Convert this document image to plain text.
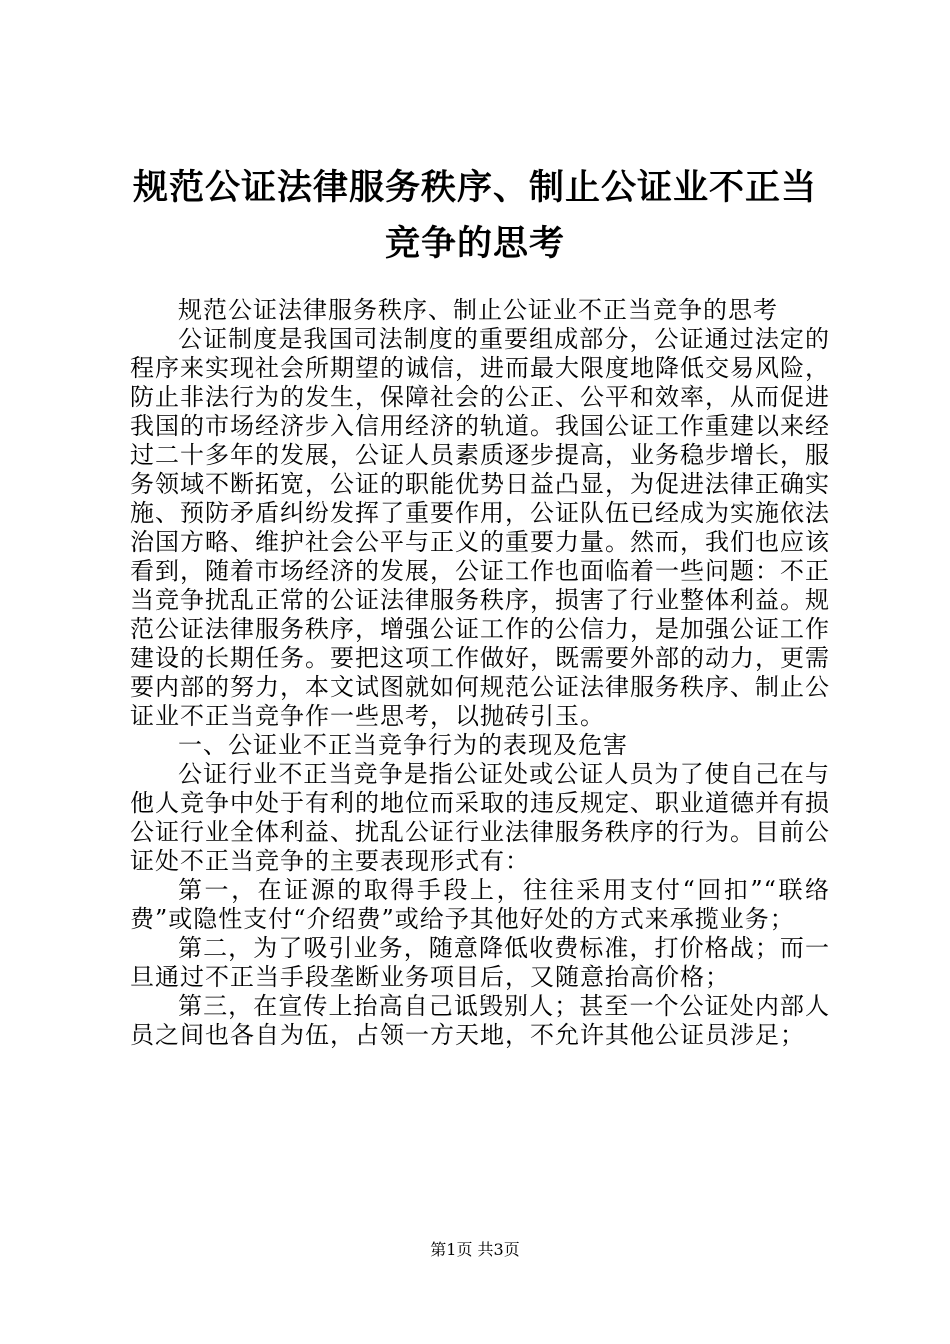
规范公证法律服务秩序、制止公证业不正当竞争的思考

规范公证法律服务秩序、制止公证业不正当竞争的思考

公证制度是我国司法制度的重要组成部分，公证通过法定的程序来实现社会所期望的诚信，进而最大限度地降低交易风险，防止非法行为的发生，保障社会的公正、公平和效率，从而促进我国的市场经济步入信用经济的轨道。我国公证工作重建以来经过二十多年的发展，公证人员素质逐步提高，业务稳步增长，服务领域不断拓宽，公证的职能优势日益凸显，为促进法律正确实施、预防矛盾纠纷发挥了重要作用，公证队伍已经成为实施依法治国方略、维护社会公平与正义的重要力量。然而，我们也应该看到，随着市场经济的发展，公证工作也面临着一些问题：不正当竞争扰乱正常的公证法律服务秩序，损害了行业整体利益。规范公证法律服务秩序，增强公证工作的公信力，是加强公证工作建设的长期任务。要把这项工作做好，既需要外部的动力，更需要内部的努力，本文试图就如何规范公证法律服务秩序、制止公证业不正当竞争作一些思考，以抛砖引玉。

一、公证业不正当竞争行为的表现及危害

公证行业不正当竞争是指公证处或公证人员为了使自己在与他人竞争中处于有利的地位而采取的违反规定、职业道德并有损公证行业全体利益、扰乱公证行业法律服务秩序的行为。目前公证处不正当竞争的主要表现形式有：

第一，在证源的取得手段上，往往采用支付“回扣”“联络费”或隐性支付“介绍费”或给予其他好处的方式来承揽业务；

第二，为了吸引业务，随意降低收费标准，打价格战；而一旦通过不正当手段垄断业务项目后，又随意抬高价格；

第三，在宣传上抬高自己诋毁别人；甚至一个公证处内部人员之间也各自为伍，占领一方天地，不允许其他公证员涉足；

第1页 共3页
